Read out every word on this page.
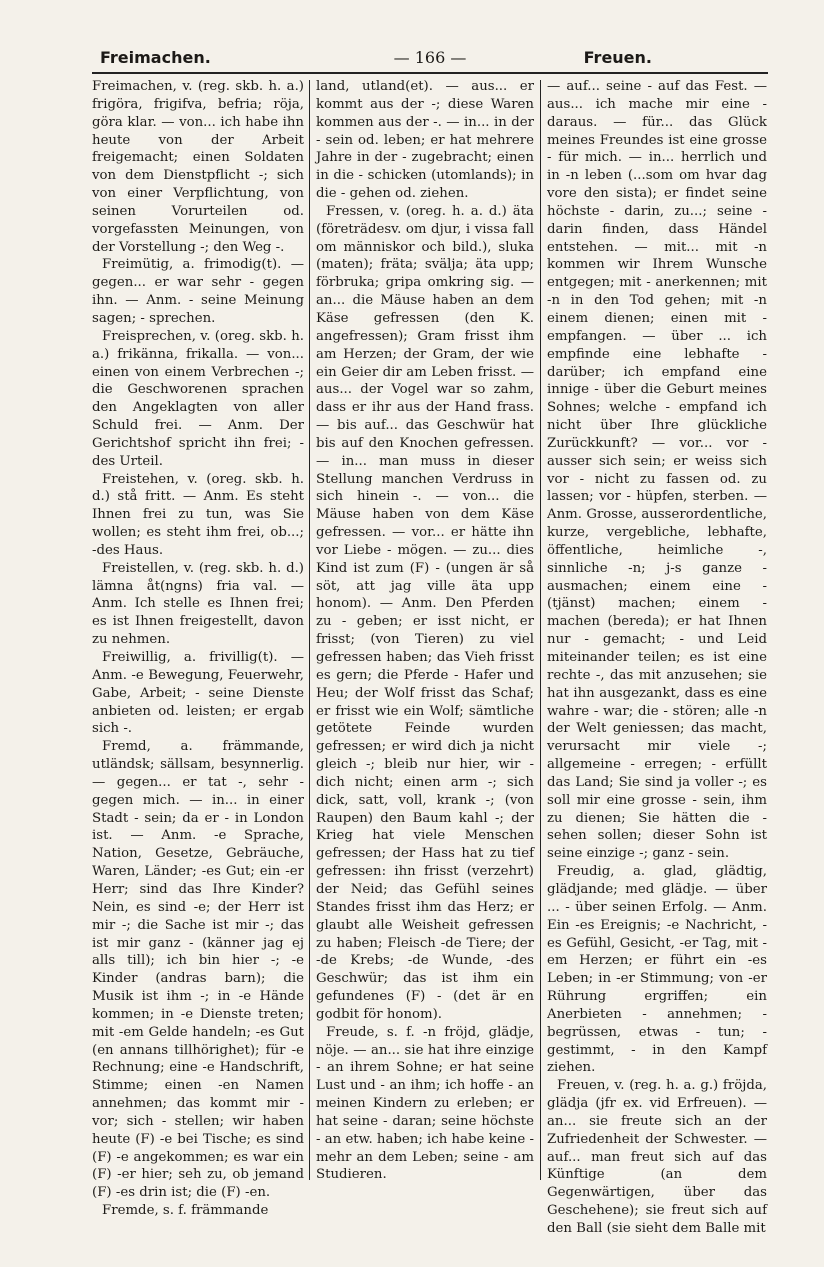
Freimachen.	— 166 —	Freuen.

Freimachen, v. (reg. skb. h. a.) frigöra, frigifva, befria; röja, göra klar. — von... ich habe ihn heute von der Arbeit freigemacht; einen Soldaten von dem Dienstpflicht -; sich von einer Verpflichtung, von seinen Vorurteilen od. vorgefassten Meinungen, von der Vorstellung -; den Weg -.

Freimütig, a. frimodig(t). — gegen... er war sehr - gegen ihn. — Anm. - seine Meinung sagen; - sprechen.

Freisprechen, v. (oreg. skb. h. a.) frikänna, frikalla. — von... einen von einem Verbrechen -; die Geschworenen sprachen den Angeklagten von aller Schuld frei. — Anm. Der Gerichtshof spricht ihn frei; -des Urteil.

Freistehen, v. (oreg. skb. h. d.) stå fritt. — Anm. Es steht Ihnen frei zu tun, was Sie wollen; es steht ihm frei, ob...; -des Haus.

Freistellen, v. (reg. skb. h. d.) lämna åt(ngns) fria val. — Anm. Ich stelle es Ihnen frei; es ist Ihnen freigestellt, davon zu nehmen.

Freiwillig, a. frivillig(t). — Anm. -e Bewegung, Feuerwehr, Gabe, Arbeit; - seine Dienste anbieten od. leisten; er ergab sich -.

Fremd, a. främmande, utländsk; sällsam, besynnerlig. — gegen... er tat -, sehr - gegen mich. — in... in einer Stadt - sein; da er - in London ist. — Anm. -e Sprache, Nation, Gesetze, Gebräuche, Waren, Länder; -es Gut; ein -er Herr; sind das Ihre Kinder? Nein, es sind -e; der Herr ist mir -; die Sache ist mir -; das ist mir ganz - (känner jag ej alls till); ich bin hier -; -e Kinder (andras barn); die Musik ist ihm -; in -e Hände kommen; in -e Dienste treten; mit -em Gelde handeln; -es Gut (en annans tillhörighet); für -e Rechnung; eine -e Handschrift, Stimme; einen -en Namen annehmen; das kommt mir - vor; sich - stellen; wir haben heute (F) -e bei Tische; es sind (F) -e angekommen; es war ein (F) -er hier; seh zu, ob jemand (F) -es drin ist; die (F) -en.

Fremde, s. f. främmande

land, utland(et). — aus... er kommt aus der -; diese Waren kommen aus der -. — in... in der - sein od. leben; er hat mehrere Jahre in der - zugebracht; einen in die - schicken (utomlands); in die - gehen od. ziehen.

Fressen, v. (oreg. h. a. d.) äta (företrädesv. om djur, i vissa fall om människor och bild.), sluka (maten); fräta; svälja; äta upp; förbruka; gripa omkring sig. — an... die Mäuse haben an dem Käse gefressen (den K. angefressen); Gram frisst ihm am Herzen; der Gram, der wie ein Geier dir am Leben frisst. — aus... der Vogel war so zahm, dass er ihr aus der Hand frass. — bis auf... das Geschwür hat bis auf den Knochen gefressen. — in... man muss in dieser Stellung manchen Verdruss in sich hinein -. — von... die Mäuse haben von dem Käse gefressen. — vor... er hätte ihn vor Liebe - mögen. — zu... dies Kind ist zum (F) - (ungen är så söt, att jag ville äta upp honom). — Anm. Den Pferden zu - geben; er isst nicht, er frisst; (von Tieren) zu viel gefressen haben; das Vieh frisst es gern; die Pferde - Hafer und Heu; der Wolf frisst das Schaf; er frisst wie ein Wolf; sämtliche getötete Feinde wurden gefressen; er wird dich ja nicht gleich -; bleib nur hier, wir - dich nicht; einen arm -; sich dick, satt, voll, krank -; (von Raupen) den Baum kahl -; der Krieg hat viele Menschen gefressen; der Hass hat zu tief gefressen: ihn frisst (verzehrt) der Neid; das Gefühl seines Standes frisst ihm das Herz; er glaubt alle Weisheit gefressen zu haben; Fleisch -de Tiere; der -de Krebs; -de Wunde, -des Geschwür; das ist ihm ein gefundenes (F) - (det är en godbit för honom).

Freude, s. f. -n fröjd, glädje, nöje. — an... sie hat ihre einzige - an ihrem Sohne; er hat seine Lust und - an ihm; ich hoffe - an meinen Kindern zu erleben; er hat seine - daran; seine höchste - an etw. haben; ich habe keine - mehr an dem Leben; seine - am Studieren.

— auf... seine - auf das Fest. — aus... ich mache mir eine - daraus. — für... das Glück meines Freundes ist eine grosse - für mich. — in... herrlich und in -n leben (...som om hvar dag vore den sista); er findet seine höchste - darin, zu...; seine - darin finden, dass Händel entstehen. — mit... mit -n kommen wir Ihrem Wunsche entgegen; mit - anerkennen; mit -n in den Tod gehen; mit -n einem dienen; einen mit - empfangen. — über ... ich empfinde eine lebhafte - darüber; ich empfand eine innige - über die Geburt meines Sohnes; welche - empfand ich nicht über Ihre glückliche Zurückkunft? — vor... vor - ausser sich sein; er weiss sich vor - nicht zu fassen od. zu lassen; vor - hüpfen, sterben. — Anm. Grosse, ausserordentliche, kurze, vergebliche, lebhafte, öffentliche, heimliche -, sinnliche -n; j-s ganze - ausmachen; einem eine - (tjänst) machen; einem - machen (bereda); er hat Ihnen nur - gemacht; - und Leid miteinander teilen; es ist eine rechte -, das mit anzusehen; sie hat ihn ausgezankt, dass es eine wahre - war; die - stören; alle -n der Welt geniessen; das macht, verursacht mir viele -; allgemeine - erregen; - erfüllt das Land; Sie sind ja voller -; es soll mir eine grosse - sein, ihm zu dienen; Sie hätten die - sehen sollen; dieser Sohn ist seine einzige -; ganz - sein.

Freudig, a. glad, glädtig, glädjande; med glädje. — über ... - über seinen Erfolg. — Anm. Ein -es Ereignis; -e Nachricht, -es Gefühl, Gesicht, -er Tag, mit -em Herzen; er führt ein -es Leben; in -er Stimmung; von -er Rührung ergriffen; ein Anerbieten - annehmen; - begrüssen, etwas - tun; - gestimmt, - in den Kampf ziehen.

Freuen, v. (reg. h. a. g.) fröjda, glädja (jfr ex. vid Erfreuen). — an... sie freute sich an der Zufriedenheit der Schwester. — auf... man freut sich auf das Künftige (an dem Gegenwärtigen, über das Geschehene); sie freut sich auf den Ball (sie sieht dem Balle mit
